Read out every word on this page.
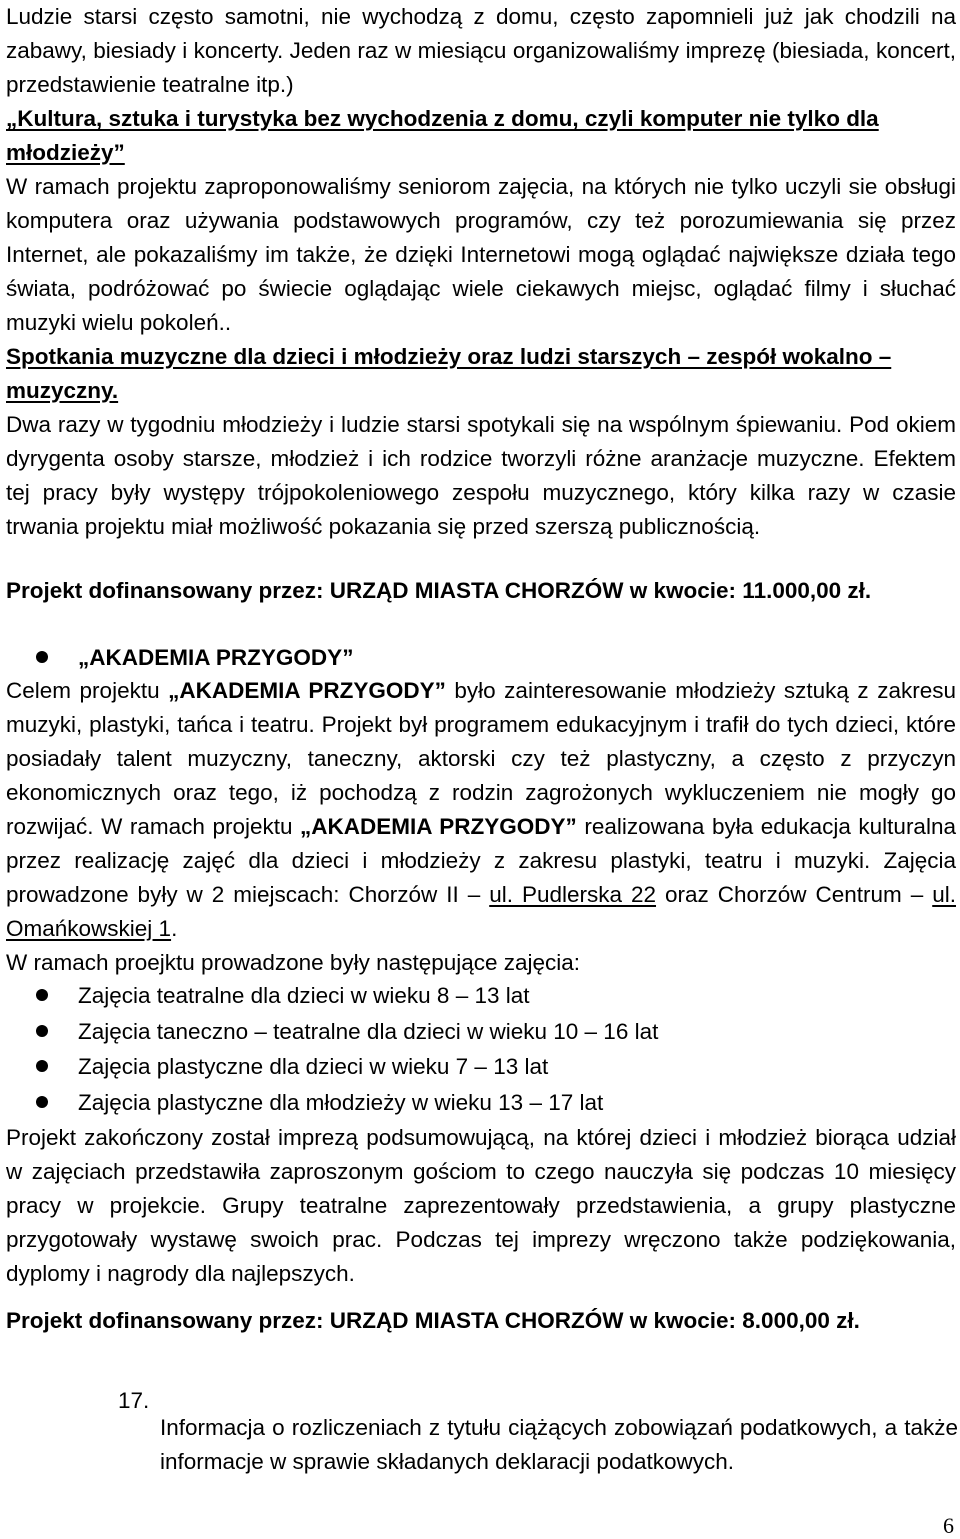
Ludzie starsi często samotni, nie wychodzą z domu, często zapomnieli już jak chodzili na zabawy, biesiady i koncerty. Jeden raz w miesiącu organizowaliśmy imprezę (biesiada, koncert, przedstawienie teatralne itp.)

„Kultura, sztuka i turystyka bez wychodzenia z domu, czyli komputer nie tylko dla młodzieży”

W ramach projektu zaproponowaliśmy seniorom zajęcia, na których nie tylko uczyli sie obsługi komputera oraz używania podstawowych programów, czy też porozumiewania się przez Internet, ale pokazaliśmy im także, że dzięki Internetowi mogą oglądać największe działa tego świata, podróżować po świecie oglądając wiele ciekawych miejsc, oglądać filmy i słuchać muzyki wielu pokoleń..

Spotkania muzyczne dla dzieci i młodzieży oraz ludzi starszych – zespół wokalno – muzyczny.

Dwa razy w tygodniu młodzieży i ludzie starsi spotykali się na wspólnym śpiewaniu. Pod okiem dyrygenta osoby starsze, młodzież i ich rodzice tworzyli różne aranżacje muzyczne. Efektem tej pracy były występy trójpokoleniowego zespołu muzycznego, który kilka razy w czasie trwania projektu miał możliwość pokazania się przed szerszą publicznością.

Projekt dofinansowany przez: URZĄD MIASTA CHORZÓW w kwocie: 11.000,00 zł.

„AKADEMIA PRZYGODY”

Celem projektu „AKADEMIA PRZYGODY” było zainteresowanie młodzieży sztuką z zakresu muzyki, plastyki, tańca i teatru. Projekt był programem edukacyjnym i trafił do tych dzieci, które posiadały talent muzyczny, taneczny, aktorski czy też plastyczny, a często z przyczyn ekonomicznych oraz tego, iż pochodzą z rodzin zagrożonych wykluczeniem nie mogły go rozwijać. W ramach projektu „AKADEMIA PRZYGODY” realizowana była edukacja kulturalna przez realizację zajęć dla dzieci i młodzieży z zakresu plastyki, teatru i muzyki. Zajęcia prowadzone były w 2 miejscach: Chorzów II – ul. Pudlerska 22 oraz Chorzów Centrum – ul. Omańkowskiej 1.

W ramach proejktu prowadzone były następujące zajęcia:

Zajęcia teatralne dla dzieci w wieku 8 – 13 lat
Zajęcia taneczno – teatralne dla dzieci w wieku 10 – 16 lat
Zajęcia plastyczne dla dzieci w wieku 7 – 13 lat
Zajęcia plastyczne dla młodzieży w wieku 13 – 17 lat

Projekt zakończony został imprezą podsumowującą, na której dzieci i młodzież biorąca udział w zajęciach przedstawiła zaproszonym gościom to czego nauczyła się podczas 10 miesięcy pracy w projekcie. Grupy teatralne zaprezentowały przedstawienia, a grupy plastyczne przygotowały wystawę swoich prac. Podczas tej imprezy wręczono także podziękowania, dyplomy i nagrody dla najlepszych.

Projekt dofinansowany przez: URZĄD MIASTA CHORZÓW w kwocie: 8.000,00 zł.

17.

Informacja o rozliczeniach z tytułu ciążących zobowiązań podatkowych, a także informacje w sprawie składanych deklaracji podatkowych.

6
